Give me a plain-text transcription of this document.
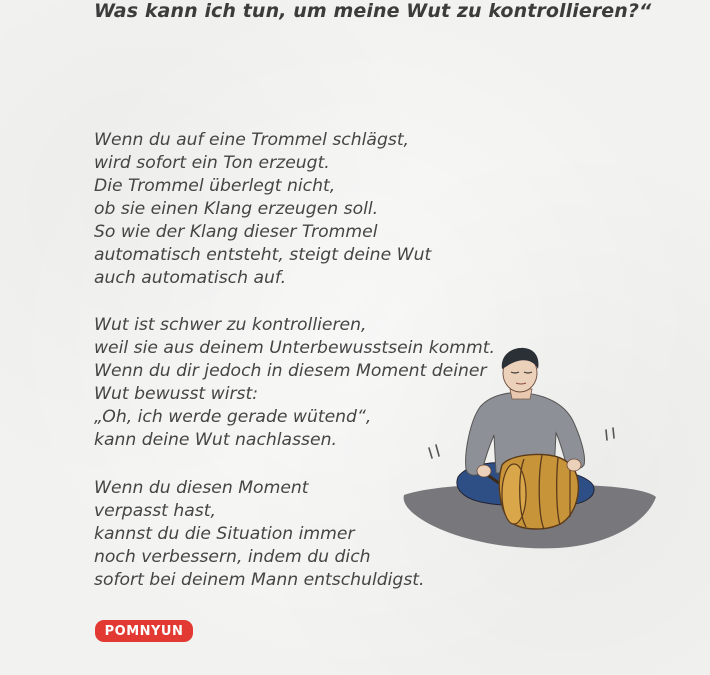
Was kann ich tun, um meine Wut zu kontrollieren?“
Wenn du auf eine Trommel schlägst,
wird sofort ein Ton erzeugt.
Die Trommel überlegt nicht,
ob sie einen Klang erzeugen soll.
So wie der Klang dieser Trommel
automatisch entsteht, steigt deine Wut
auch automatisch auf.
Wut ist schwer zu kontrollieren,
weil sie aus deinem Unterbewusstsein kommt.
Wenn du dir jedoch in diesem Moment deiner
Wut bewusst wirst:
„Oh, ich werde gerade wütend“,
kann deine Wut nachlassen.
Wenn du diesen Moment
verpasst hast,
kannst du die Situation immer
noch verbessern, indem du dich
sofort bei deinem Mann entschuldigst.
POMNYUN
